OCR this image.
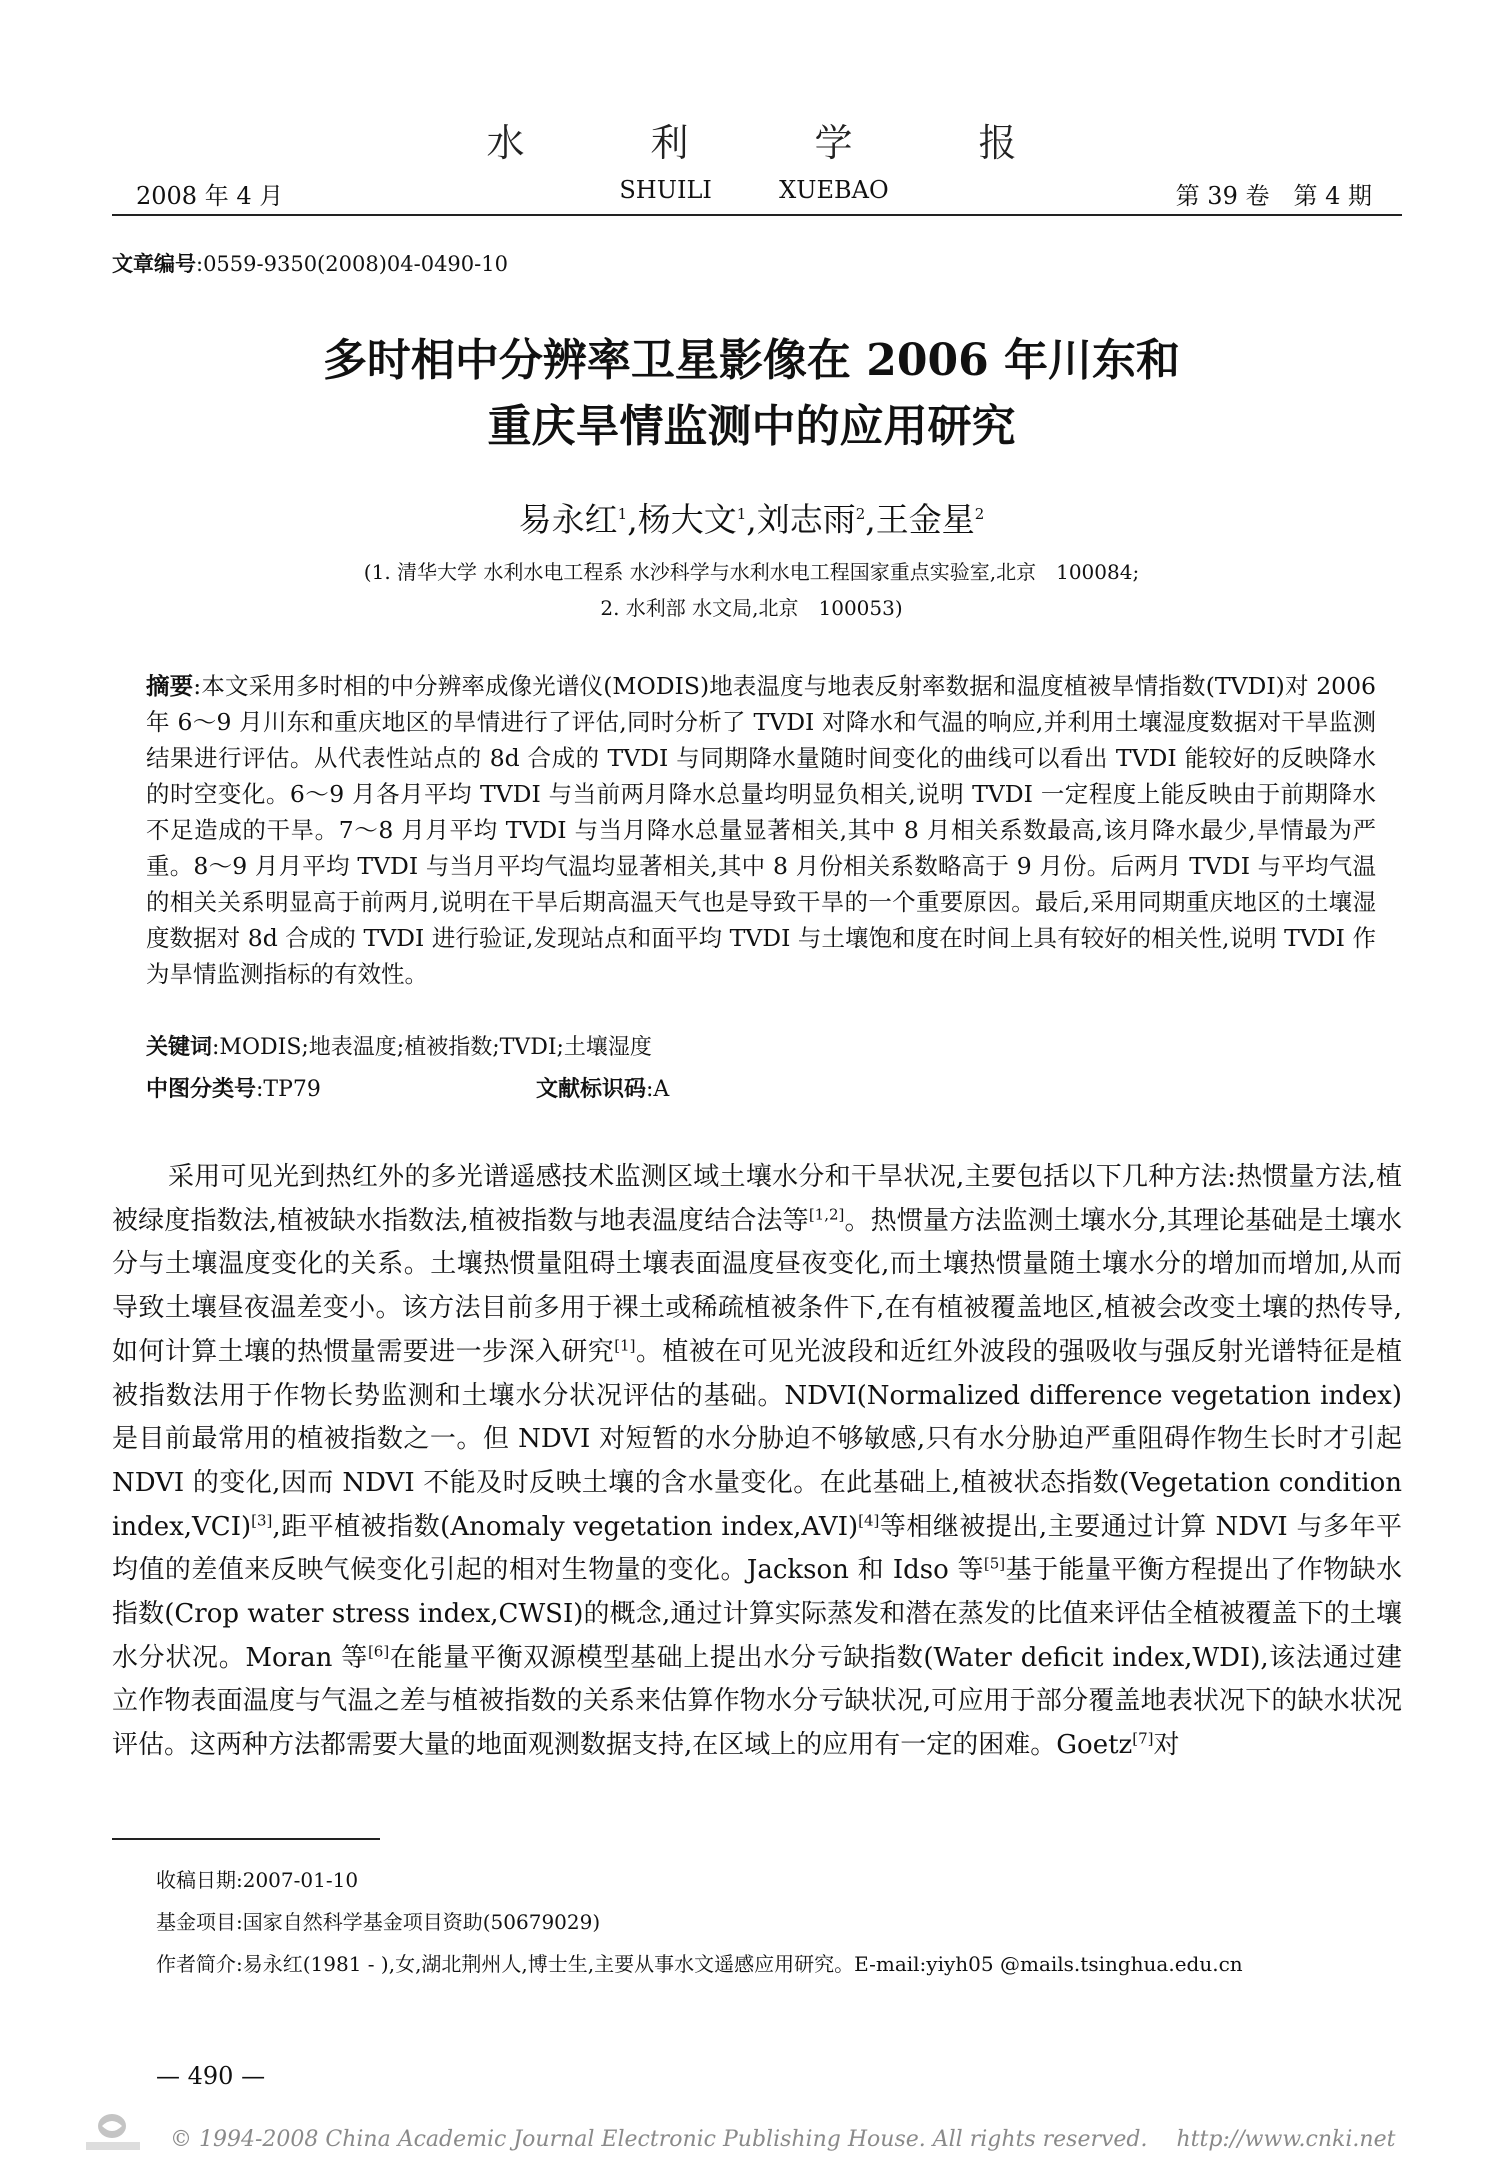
水　利　学　报
2008 年 4 月	SHUILI	XUEBAO	第 39 卷　第 4 期
文章编号:0559-9350(2008)04-0490-10
多时相中分辨率卫星影像在 2006 年川东和
重庆旱情监测中的应用研究
易永红$^1$,杨大文$^1$,刘志雨$^2$,王金星$^2$
(1. 清华大学 水利水电工程系 水沙科学与水利水电工程国家重点实验室,北京　100084;
2. 水利部 水文局,北京　100053)
摘要:本文采用多时相的中分辨率成像光谱仪(MODIS)地表温度与地表反射率数据和温度植被旱情指数(TVDI)对 2006 年 6～9 月川东和重庆地区的旱情进行了评估,同时分析了 TVDI 对降水和气温的响应,并利用土壤湿度数据对干旱监测结果进行评估。从代表性站点的 8d 合成的 TVDI 与同期降水量随时间变化的曲线可以看出 TVDI 能较好的反映降水的时空变化。6～9 月各月平均 TVDI 与当前两月降水总量均明显负相关,说明 TVDI 一定程度上能反映由于前期降水不足造成的干旱。7～8 月月平均 TVDI 与当月降水总量显著相关,其中 8 月相关系数最高,该月降水最少,旱情最为严重。8～9 月月平均 TVDI 与当月平均气温均显著相关,其中 8 月份相关系数略高于 9 月份。后两月 TVDI 与平均气温的相关关系明显高于前两月,说明在干旱后期高温天气也是导致干旱的一个重要原因。最后,采用同期重庆地区的土壤湿度数据对 8d 合成的 TVDI 进行验证,发现站点和面平均 TVDI 与土壤饱和度在时间上具有较好的相关性,说明 TVDI 作为旱情监测指标的有效性。
关键词:MODIS;地表温度;植被指数;TVDI;土壤湿度
中图分类号:TP79	文献标识码:A
采用可见光到热红外的多光谱遥感技术监测区域土壤水分和干旱状况,主要包括以下几种方法:热惯量方法,植被绿度指数法,植被缺水指数法,植被指数与地表温度结合法等[1,2]。热惯量方法监测土壤水分,其理论基础是土壤水分与土壤温度变化的关系。土壤热惯量阻碍土壤表面温度昼夜变化,而土壤热惯量随土壤水分的增加而增加,从而导致土壤昼夜温差变小。该方法目前多用于裸土或稀疏植被条件下,在有植被覆盖地区,植被会改变土壤的热传导,如何计算土壤的热惯量需要进一步深入研究[1]。植被在可见光波段和近红外波段的强吸收与强反射光谱特征是植被指数法用于作物长势监测和土壤水分状况评估的基础。NDVI(Normalized difference vegetation index)是目前最常用的植被指数之一。但 NDVI 对短暂的水分胁迫不够敏感,只有水分胁迫严重阻碍作物生长时才引起 NDVI 的变化,因而 NDVI 不能及时反映土壤的含水量变化。在此基础上,植被状态指数(Vegetation condition index,VCI)[3],距平植被指数(Anomaly vegetation index,AVI)[4]等相继被提出,主要通过计算 NDVI 与多年平均值的差值来反映气候变化引起的相对生物量的变化。Jackson 和 Idso 等[5]基于能量平衡方程提出了作物缺水指数(Crop water stress index,CWSI)的概念,通过计算实际蒸发和潜在蒸发的比值来评估全植被覆盖下的土壤水分状况。Moran 等[6]在能量平衡双源模型基础上提出水分亏缺指数(Water deficit index,WDI),该法通过建立作物表面温度与气温之差与植被指数的关系来估算作物水分亏缺状况,可应用于部分覆盖地表状况下的缺水状况评估。这两种方法都需要大量的地面观测数据支持,在区域上的应用有一定的困难。Goetz[7]对
收稿日期:2007-01-10
基金项目:国家自然科学基金项目资助(50679029)
作者简介:易永红(1981 - ),女,湖北荆州人,博士生,主要从事水文遥感应用研究。E-mail:yiyh05 @mails.tsinghua.edu.cn
— 490 —
© 1994-2008 China Academic Journal Electronic Publishing House. All rights reserved.　 http://www.cnki.net
